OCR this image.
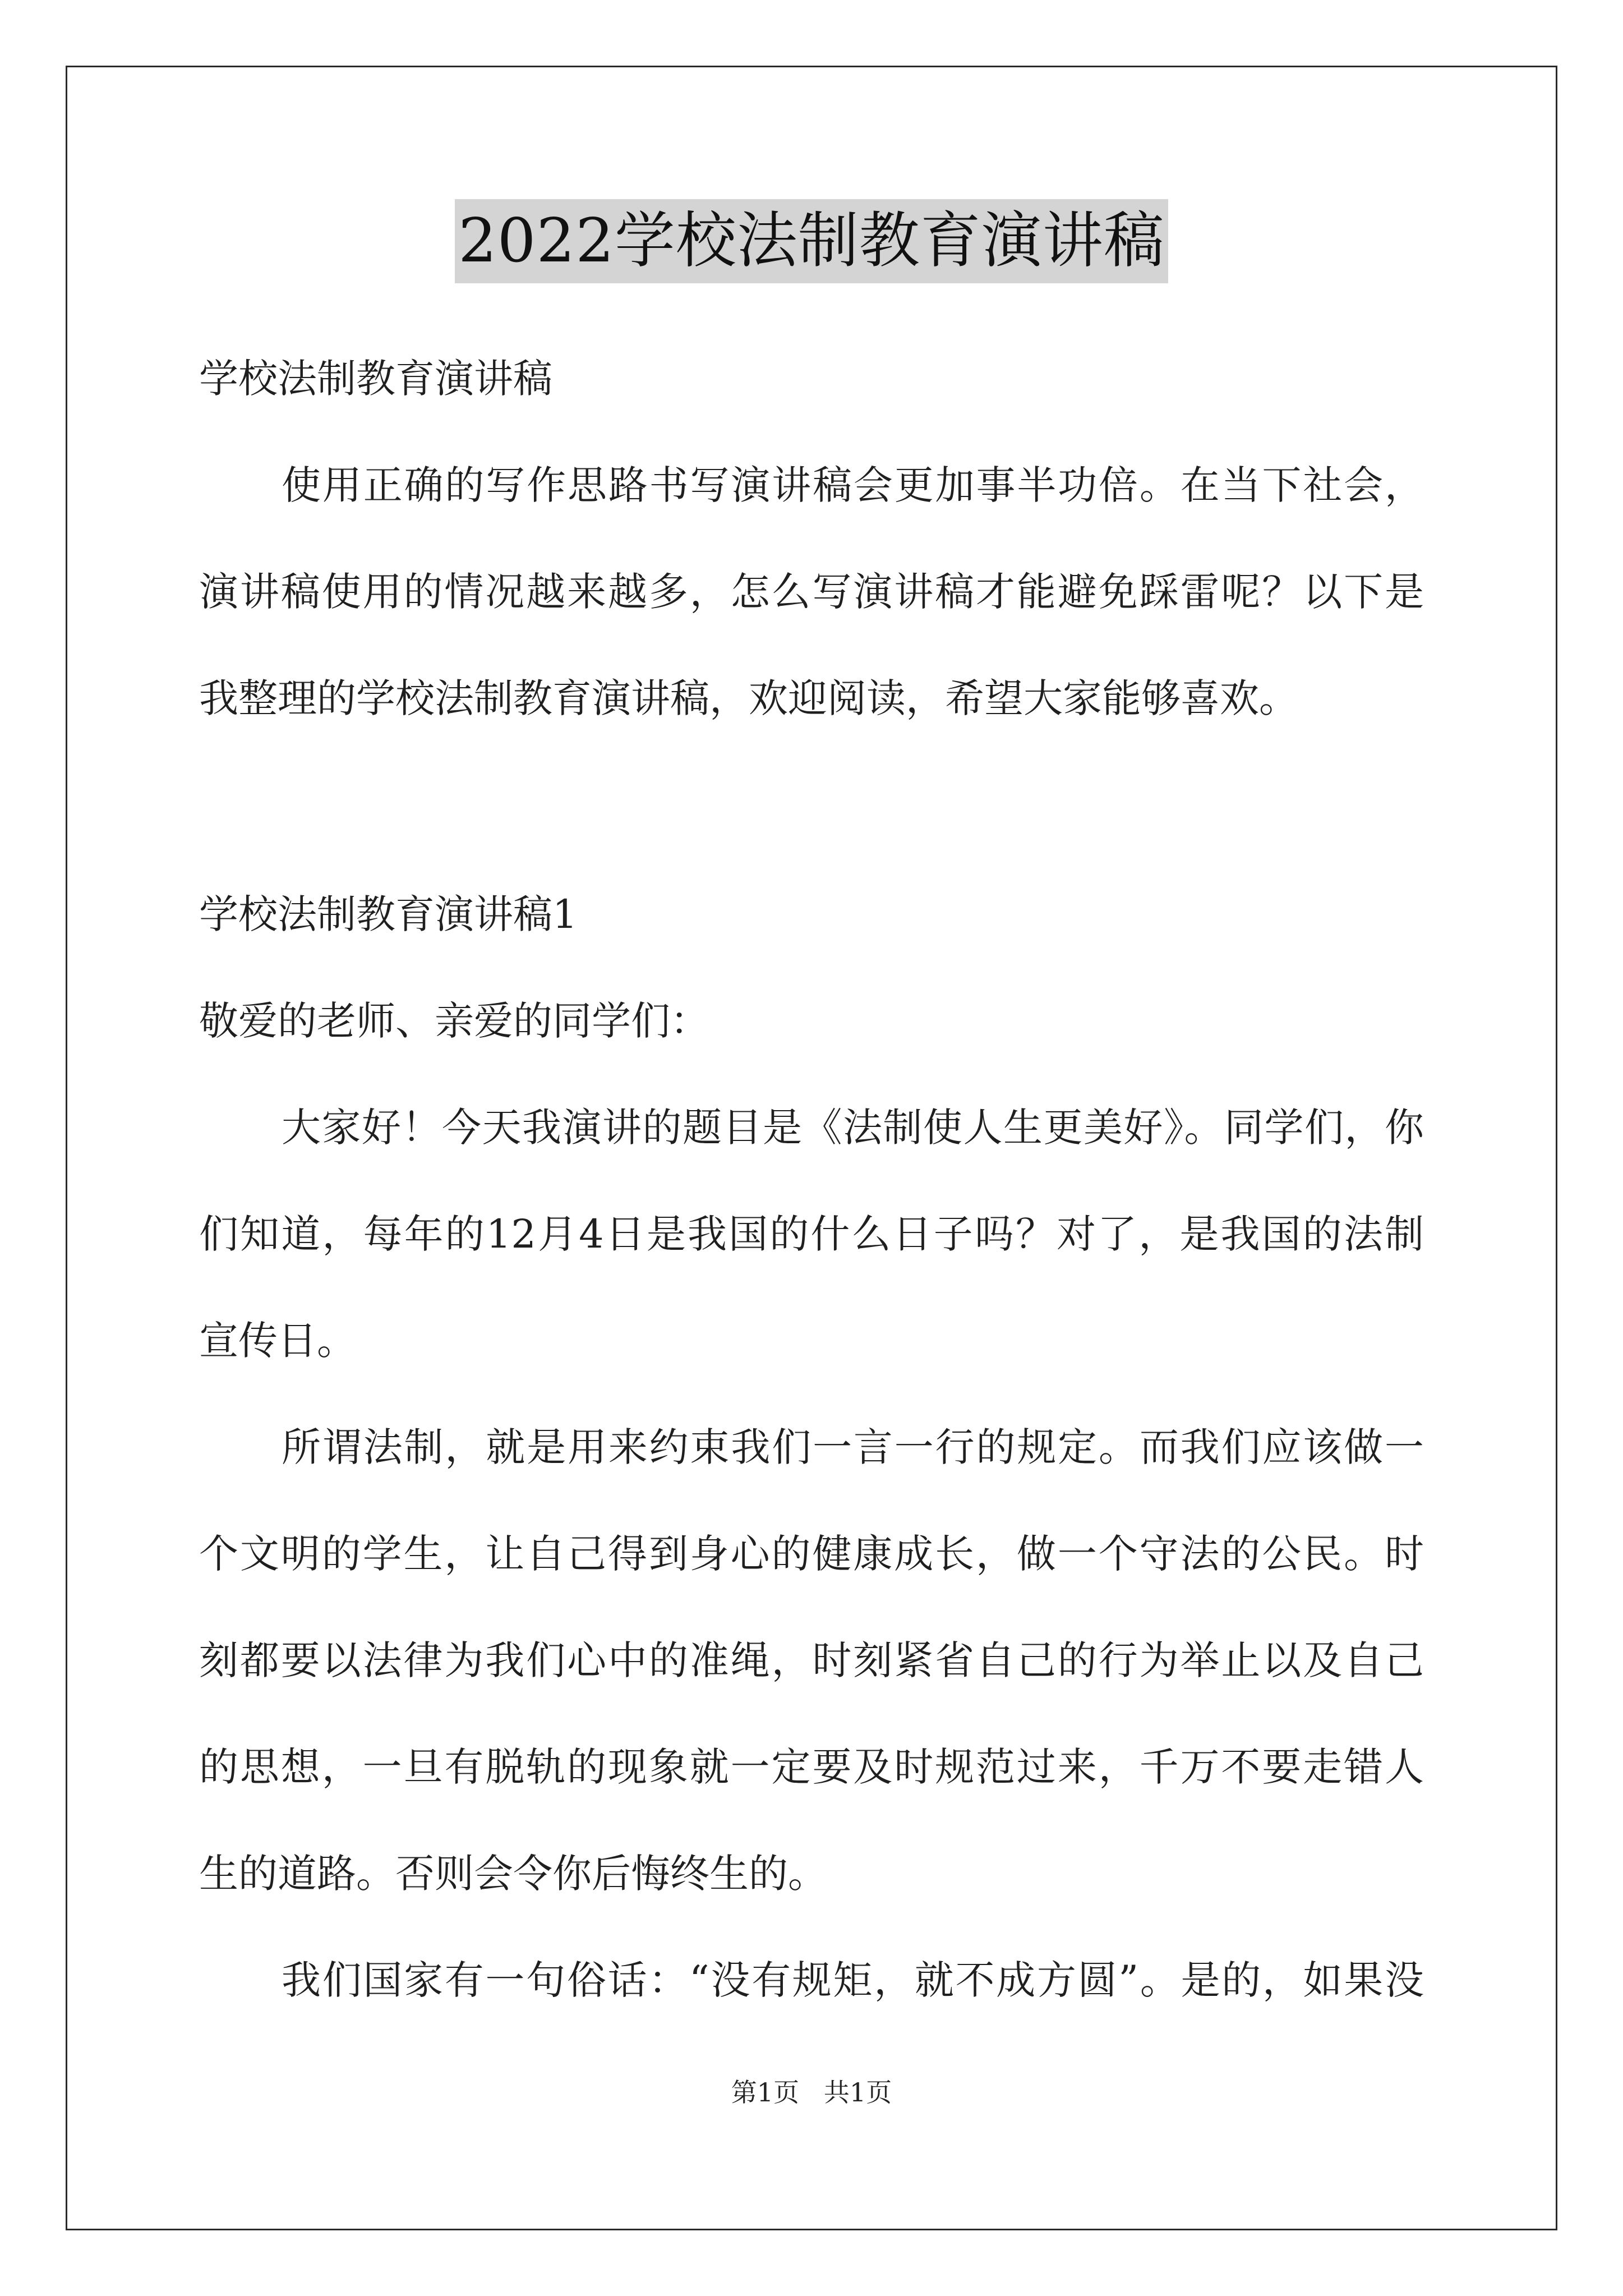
2022学校法制教育演讲稿
学校法制教育演讲稿
使用正确的写作思路书写演讲稿会更加事半功倍。在当下社会，
演讲稿使用的情况越来越多，怎么写演讲稿才能避免踩雷呢？以下是
我整理的学校法制教育演讲稿，欢迎阅读，希望大家能够喜欢。
学校法制教育演讲稿1
敬爱的老师、亲爱的同学们：
大家好！今天我演讲的题目是《法制使人生更美好》。同学们，你
们知道，每年的12月4日是我国的什么日子吗？对了，是我国的法制
宣传日。
所谓法制，就是用来约束我们一言一行的规定。而我们应该做一
个文明的学生，让自己得到身心的健康成长，做一个守法的公民。时
刻都要以法律为我们心中的准绳，时刻紧省自己的行为举止以及自己
的思想，一旦有脱轨的现象就一定要及时规范过来，千万不要走错人
生的道路。否则会令你后悔终生的。
我们国家有一句俗话：“没有规矩，就不成方圆”。是的，如果没
第1页   共1页
